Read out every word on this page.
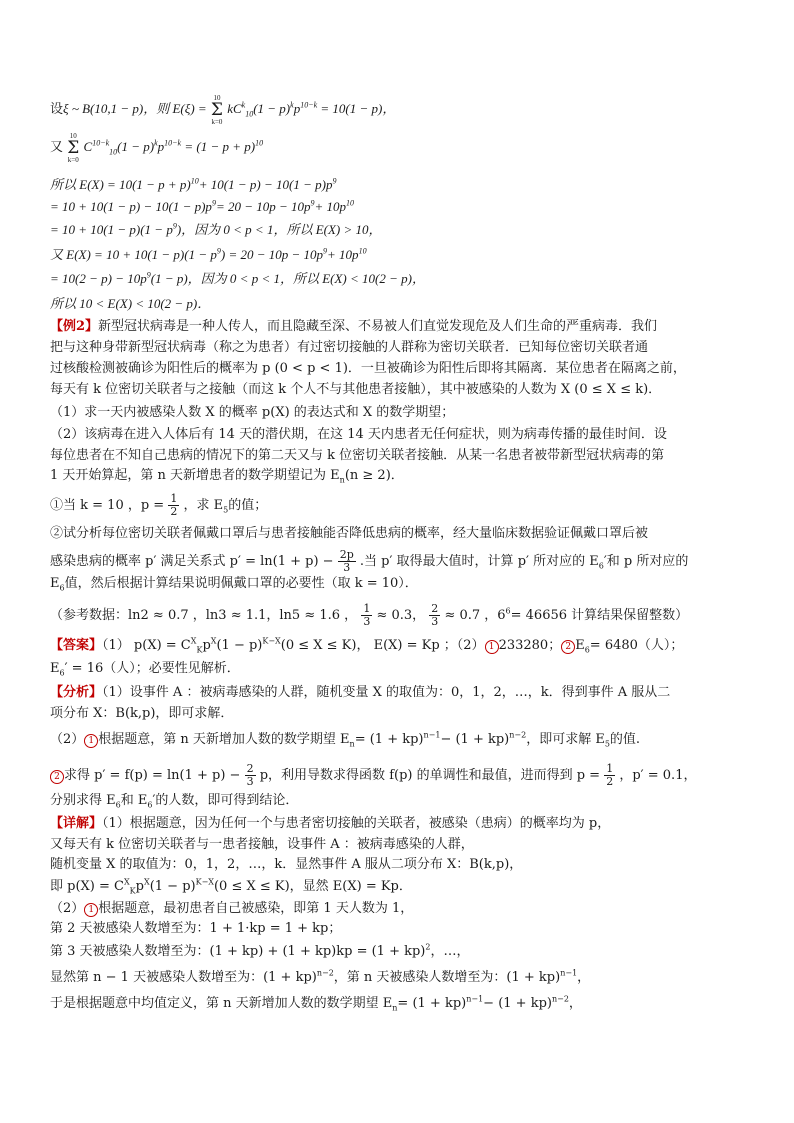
设ξ ~ B(10,1 − p)，则 E(ξ) =
10
Σ
k=0
$kC^k_{10}(1 - p)^kp^{10-k} = 10(1 - p)$，
又
10
Σ
k=0
$C^{10-k}_{10}(1 - p)^kp^{10-k} = (1 - p + p)^{10}$
所以 $E(X) = 10(1 - p + p)^{10}+ 10(1 - p) - 10(1 - p)p^9$
= $10 + 10(1 - p) - 10(1 - p)p^9= 20 - 10p - 10p^9+ 10p^{10}$
= $10 + 10(1 - p)(1 - p^9)$，因为 0 < p < 1，所以 E(X) > 10，
又 $E(X) = 10 + 10(1 - p)(1 - p^9) = 20 - 10p - 10p^9+ 10p^{10}$
= $10(2 - p) - 10p^9(1 - p)$，因为 0 < p < 1，所以 E(X) < 10(2 − p)，
所以 10 < E(X) < 10(2 − p)．
【例2】新型冠状病毒是一种人传人，而且隐藏至深、不易被人们直觉发现危及人们生命的严重病毒．我们
把与这种身带新型冠状病毒（称之为患者）有过密切接触的人群称为密切关联者．已知每位密切关联者通
过核酸检测被确诊为阳性后的概率为 p (0 < p < 1)．一旦被确诊为阳性后即将其隔离．某位患者在隔离之前，
每天有 k 位密切关联者与之接触（而这 k 个人不与其他患者接触），其中被感染的人数为 X (0 ≤ X ≤ k)．
（1）求一天内被感染人数 X 的概率 p(X) 的表达式和 X 的数学期望；
（2）该病毒在进入人体后有 14 天的潜伏期，在这 14 天内患者无任何症状，则为病毒传播的最佳时间．设
每位患者在不知自己患病的情况下的第二天又与 k 位密切关联者接触．从某一名患者被带新型冠状病毒的第
1 天开始算起，第 n 天新增患者的数学期望记为 $E_n(n \ge 2)$．
①当 k = 10 ，$p = \frac{1}{2}$ ，求 $E_5$的值；
②试分析每位密切关联者佩戴口罩后与患者接触能否降低患病的概率，经大量临床数据验证佩戴口罩后被
感染患病的概率 p′ 满足关系式 $p' = \ln(1 + p) - \frac{2p}{3}$ .当 p′ 取得最大值时，计算 p′ 所对应的 $E_6'$和 p 所对应的
$E_6$值，然后根据计算结果说明佩戴口罩的必要性（取 k = 10）．
（参考数据：ln2 ≈ 0.7 ，ln3 ≈ 1.1，ln5 ≈ 1.6 ， $\frac{1}{3} \approx 0.3$， $\frac{2}{3} \approx 0.7$ ，$6^6= 46656$ 计算结果保留整数）
【答案】（1） $p(X) = C^X_Kp^X(1 - p)^{K-X}(0 \le X \le K)$， E(X) = Kp ；（2） 1 233280； 2 $E_6= 6480$（人）；
$E_6' = 16$（人）；必要性见解析．
【分析】（1）设事件 A ：被病毒感染的人群，随机变量 X 的取值为：0，1，2，…，k．得到事件 A 服从二
项分布 X：B(k,p)，即可求解．
（2） 1 根据题意，第 n 天新增加人数的数学期望 $E_n= (1 + kp)^{n-1}- (1 + kp)^{n-2}$，即可求解 $E_5$的值.
2 求得 $p' = f(p) = \ln(1 + p) - \frac{2}{3}$ p，利用导数求得函数 f(p) 的单调性和最值，进而得到 $p = \frac{1}{2}$ ，p′ = 0.1，
分别求得 $E_6$和 $E_6'$的人数，即可得到结论．
【详解】（1）根据题意，因为任何一个与患者密切接触的关联者，被感染（患病）的概率均为 p，
又每天有 k 位密切关联者与一患者接触，设事件 A ：被病毒感染的人群，
随机变量 X 的取值为：0，1，2，…，k．显然事件 A 服从二项分布 X：B(k,p)，
即 $p(X) = C^X_Kp^X(1 - p)^{K-X}(0 \le X \le K)$，显然 E(X) = Kp．
（2） 1 根据题意，最初患者自己被感染，即第 1 天人数为 1，
第 2 天被感染人数增至为：1 + 1·kp = 1 + kp；
第 3 天被感染人数增至为：(1 + kp) + (1 + kp)kp = (1 + kp)$^2$，…，
显然第 n − 1 天被感染人数增至为：(1 + kp)$^{n-2}$，第 n 天被感染人数增至为：(1 + kp)$^{n-1}$，
于是根据题意中均值定义，第 n 天新增加人数的数学期望 $E_n= (1 + kp)^{n-1}- (1 + kp)^{n-2}$，
